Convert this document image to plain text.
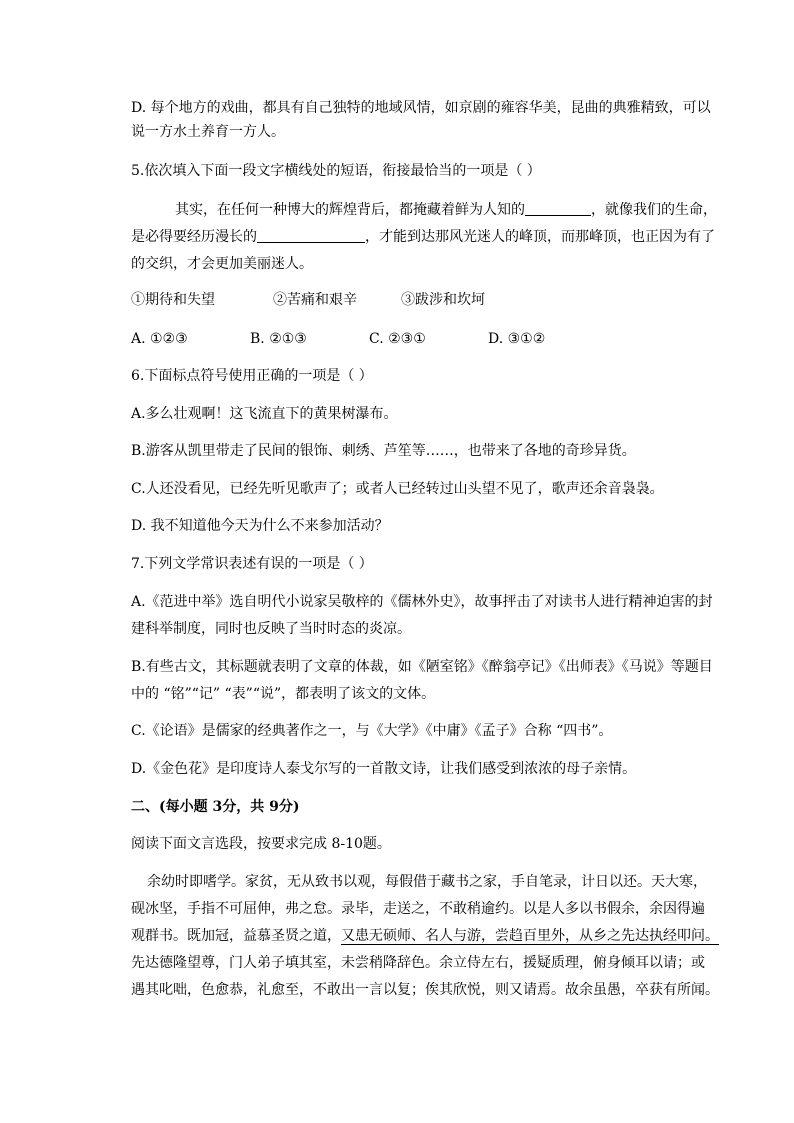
D. 每个地方的戏曲，都具有自己独特的地域风情，如京剧的雍容华美，昆曲的典雅精致，可以

说一方水土养育一方人。

5.依次填入下面一段文字横线处的短语，衔接最恰当的一项是（ ）

其实，在任何一种博大的辉煌背后，都掩藏着鲜为人知的	，就像我们的生命，

是必得要经历漫长的	，才能到达那风光迷人的峰顶，而那峰顶，也正因为有了

的交织，才会更加美丽迷人。

①期待和失望	②苦痛和艰辛	③跋涉和坎坷

A. ①②③	B. ②①③	C. ②③①	D. ③①②

6.下面标点符号使用正确的一项是（ ）

A.多么壮观啊！这飞流直下的黄果树瀑布。

B.游客从凯里带走了民间的银饰、刺绣、芦笙等……，也带来了各地的奇珍异货。

C.人还没看见，已经先听见歌声了；或者人已经转过山头望不见了，歌声还余音袅袅。

D. 我不知道他今天为什么不来参加活动？

7.下列文学常识表述有误的一项是（ ）

A.《范进中举》选自明代小说家吴敬梓的《儒林外史》，故事抨击了对读书人进行精神迫害的封

建科举制度，同时也反映了当时时态的炎凉。

B.有些古文，其标题就表明了文章的体裁，如《陋室铭》《醉翁亭记》《出师表》《马说》等题目

中的 “铭”“记” “表”“说”，都表明了该文的文体。

C.《论语》是儒家的经典著作之一，与《大学》《中庸》《孟子》合称 “四书”。

D.《金色花》是印度诗人泰戈尔写的一首散文诗，让我们感受到浓浓的母子亲情。

二、(每小题 3分，共 9分)

阅读下面文言选段，按要求完成 8-10题。

余幼时即嗜学。家贫，无从致书以观，每假借于藏书之家，手自笔录，计日以还。天大寒，

砚冰坚，手指不可屈伸，弗之怠。录毕，走送之，不敢稍逾约。以是人多以书假余，余因得遍

观群书。既加冠，益慕圣贤之道，又患无硕师、名人与游，尝趋百里外，从乡之先达执经叩问。

先达德隆望尊，门人弟子填其室，未尝稍降辞色。余立侍左右，援疑质理，俯身倾耳以请；或

遇其叱咄，色愈恭，礼愈至，不敢出一言以复；俟其欣悦，则又请焉。故余虽愚，卒获有所闻。
